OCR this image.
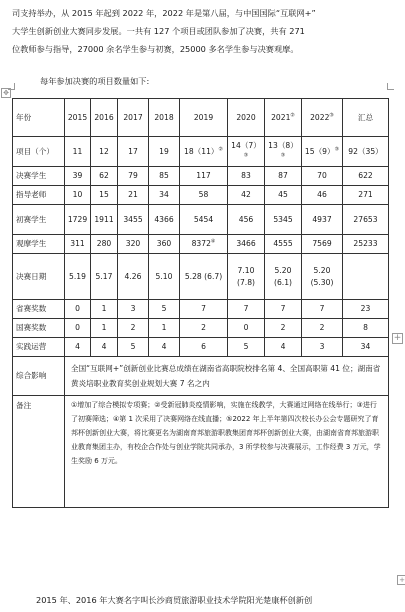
司支持举办，从 2015 年起到 2022 年，2022 年是第八届，与中国国际“互联网+”
大学生创新创业大赛同步发展。一共有 127 个项目或团队参加了决赛，共有 271
位教师参与指导，27000 余名学生参与初赛，25000 多名学生参与决赛观摩。
每年参加决赛的项目数量如下:
✥
年份	2015	2016	2017	2018	2019	2020	2021②	2022③	汇总
项目（个）	11	12	17	19	18（11）②	14（7）③	13（8）③	15（9）③	92（35）
决赛学生	39	62	79	85	117	83	87	70	622
指导老师	10	15	21	34	58	42	45	46	271
初赛学生	1729	1911	3455	4366	5454	456	5345	4937	27653
观摩学生	311	280	320	360	8372④	3466	4555	7569	25233
决赛日期	5.19	5.17	4.26	5.10	5.28 (6.7)	7.10 (7.8)	5.20 (6.1)	5.20 (5.30)	
省赛奖数	0	1	3	5	7	7	7	7	23
国赛奖数	0	1	2	1	2	0	2	2	8
实践运营	4	4	5	4	6	5	4	3	34
综合影响	全国“互联网+”创新创业比赛总成绩在湖南省高职院校排名第 4、全国高职第 41 位；湖南省黄炎培职业教育奖创业规划大赛 7 名之内								
备注	①增加了综合模拟专项赛；②受新冠肺炎疫情影响，实施在线教学，大赛通过网络在线举行；③进行了初赛筛选；④第 1 次采用了决赛网络在线直播；⑤2022 年上半年第四次校长办公会专题研究了育邦杯创新创业大赛，将比赛更名为湖南育邦旅游职教集团育邦杯创新创业大赛，由湖南省育邦旅游职业教育集团主办，有校企合作处与创业学院共同承办，3 所学校参与决赛展示，工作经费 3 万元，学生奖励 6 万元。								
+
+
2015 年、2016 年大赛名字叫长沙商贸旅游职业技术学院阳光楚康杯创新创
